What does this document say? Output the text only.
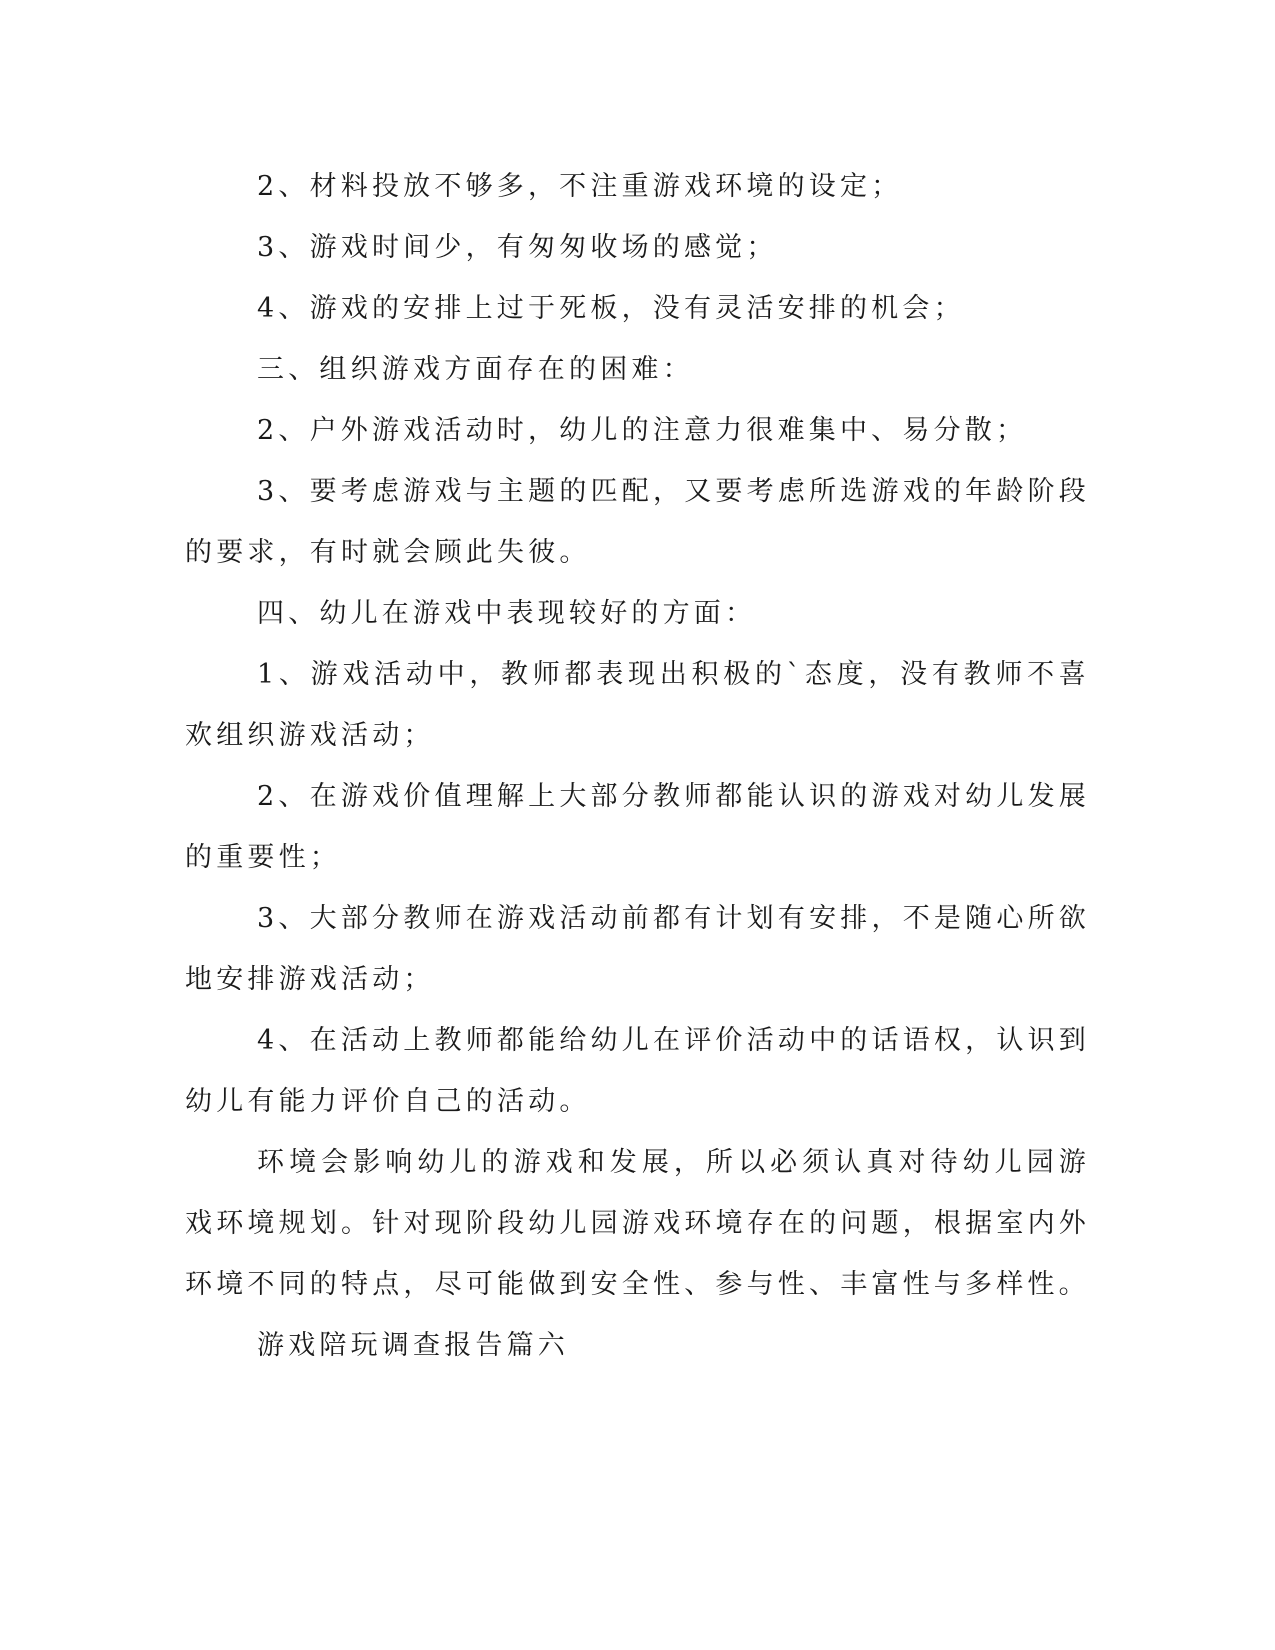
2、材料投放不够多，不注重游戏环境的设定；

3、游戏时间少，有匆匆收场的感觉；

4、游戏的安排上过于死板，没有灵活安排的机会；

三、组织游戏方面存在的困难：

2、户外游戏活动时，幼儿的注意力很难集中、易分散；

3、要考虑游戏与主题的匹配，又要考虑所选游戏的年龄阶段的要求，有时就会顾此失彼。

四、幼儿在游戏中表现较好的方面：

1、游戏活动中，教师都表现出积极的`态度，没有教师不喜欢组织游戏活动；

2、在游戏价值理解上大部分教师都能认识的游戏对幼儿发展的重要性；

3、大部分教师在游戏活动前都有计划有安排，不是随心所欲地安排游戏活动；

4、在活动上教师都能给幼儿在评价活动中的话语权，认识到幼儿有能力评价自己的活动。

环境会影响幼儿的游戏和发展，所以必须认真对待幼儿园游戏环境规划。针对现阶段幼儿园游戏环境存在的问题，根据室内外环境不同的特点，尽可能做到安全性、参与性、丰富性与多样性。

游戏陪玩调查报告篇六
